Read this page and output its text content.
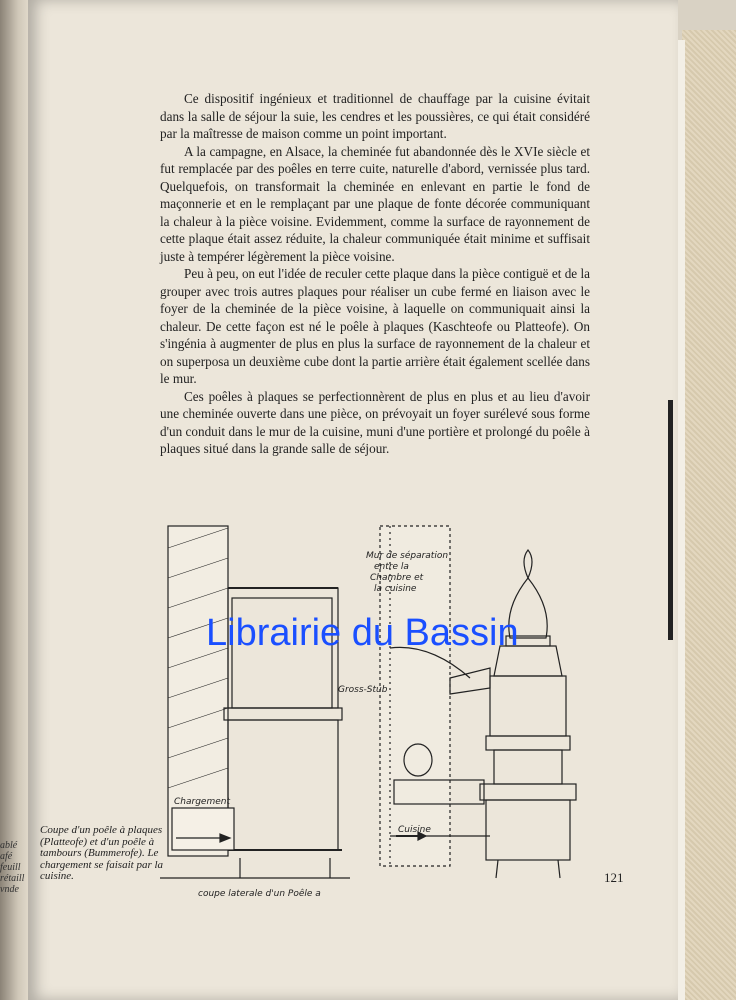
ablé afé feuill rétaill vnde

Ce dispositif ingénieux et traditionnel de chauffage par la cuisine évitait dans la salle de séjour la suie, les cendres et les poussières, ce qui était considéré par la maîtresse de maison comme un point important.

A la campagne, en Alsace, la cheminée fut abandonnée dès le XVIe siècle et fut remplacée par des poêles en terre cuite, naturelle d'abord, vernissée plus tard. Quelquefois, on transformait la cheminée en enlevant en partie le fond de maçonnerie et en le remplaçant par une plaque de fonte décorée communiquant la chaleur à la pièce voisine. Evidemment, comme la surface de rayonnement de cette plaque était assez réduite, la chaleur communiquée était minime et suffisait juste à tempérer légèrement la pièce voisine.

Peu à peu, on eut l'idée de reculer cette plaque dans la pièce contiguë et de la grouper avec trois autres plaques pour réaliser un cube fermé en liaison avec le foyer de la cheminée de la pièce voisine, à laquelle on communiquait ainsi la chaleur. De cette façon est né le poêle à plaques (Kaschteofe ou Platteofe). On s'ingénia à augmenter de plus en plus la surface de rayonnement de la chaleur et on superposa un deuxième cube dont la partie arrière était également scellée dans le mur.

Ces poêles à plaques se perfectionnèrent de plus en plus et au lieu d'avoir une cheminée ouverte dans une pièce, on prévoyait un foyer surélevé sous forme d'un conduit dans le mur de la cuisine, muni d'une portière et prolongé du poêle à plaques situé dans la grande salle de séjour.

Chargement
coupe laterale d'un Poêle a
Mur de séparation
entre la
Chambre et
la cuisine
Gross-Stub
Cuisine
Librairie du Bassin
Coupe d'un poêle à plaques (Platteofe) et d'un poêle à tambours (Bummerofe). Le chargement se faisait par la cuisine.	121
